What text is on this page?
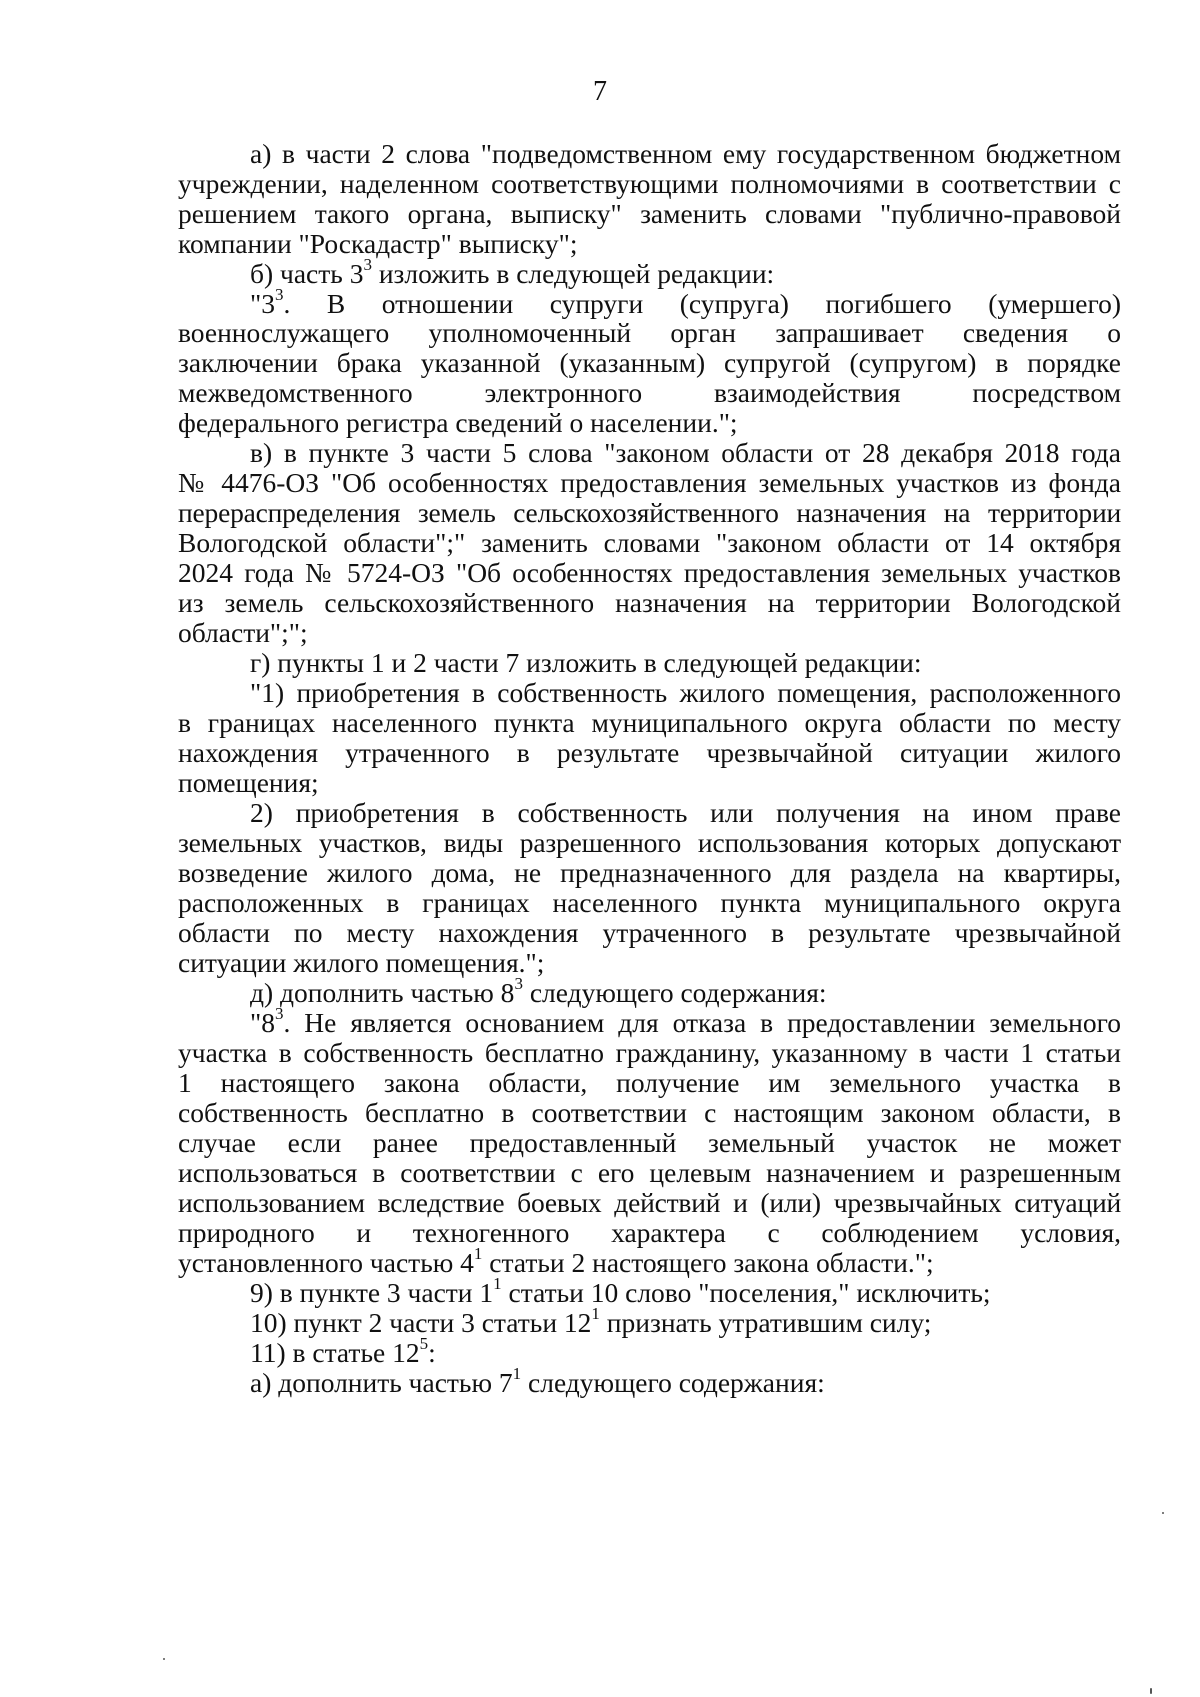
7
а) в части 2 слова "подведомственном ему государственном бюджетном
учреждении, наделенном соответствующими полномочиями в соответствии с
решением такого органа, выписку" заменить словами "публично-правовой
компании "Роскадастр" выписку";
б) часть $3^3$ изложить в следующей редакции:
"$3^3$ . В отношении супруги (супруга) погибшего (умершего)
военнослужащего уполномоченный орган запрашивает сведения о
заключении брака указанной (указанным) супругой (супругом) в порядке
межведомственного электронного взаимодействия посредством
федерального регистра сведений о населении.";
в) в пункте 3 части 5 слова "законом области от 28 декабря 2018 года
№ 4476-ОЗ "Об особенностях предоставления земельных участков из фонда
перераспределения земель сельскохозяйственного назначения на территории
Вологодской области";" заменить словами "законом области от 14 октября
2024 года № 5724-ОЗ "Об особенностях предоставления земельных участков
из земель сельскохозяйственного назначения на территории Вологодской
области";";
г) пункты 1 и 2 части 7 изложить в следующей редакции:
"1) приобретения в собственность жилого помещения, расположенного
в границах населенного пункта муниципального округа области по месту
нахождения утраченного в результате чрезвычайной ситуации жилого
помещения;
2) приобретения в собственность или получения на ином праве
земельных участков, виды разрешенного использования которых допускают
возведение жилого дома, не предназначенного для раздела на квартиры,
расположенных в границах населенного пункта муниципального округа
области по месту нахождения утраченного в результате чрезвычайной
ситуации жилого помещения.";
д) дополнить частью $8^3$ следующего содержания:
"$8^3$ . Не является основанием для отказа в предоставлении земельного
участка в собственность бесплатно гражданину, указанному в части 1 статьи
1 настоящего закона области, получение им земельного участка в
собственность бесплатно в соответствии с настоящим законом области, в
случае если ранее предоставленный земельный участок не может
использоваться в соответствии с его целевым назначением и разрешенным
использованием вследствие боевых действий и (или) чрезвычайных ситуаций
природного и техногенного характера с соблюдением условия,
установленного частью $4^1$ статьи 2 настоящего закона области.";
9) в пункте 3 части $1^1$ статьи 10 слово "поселения," исключить;
10) пункт 2 части 3 статьи $12^1$ признать утратившим силу;
11) в статье $12^5$:
а) дополнить частью $7^1$ следующего содержания:
